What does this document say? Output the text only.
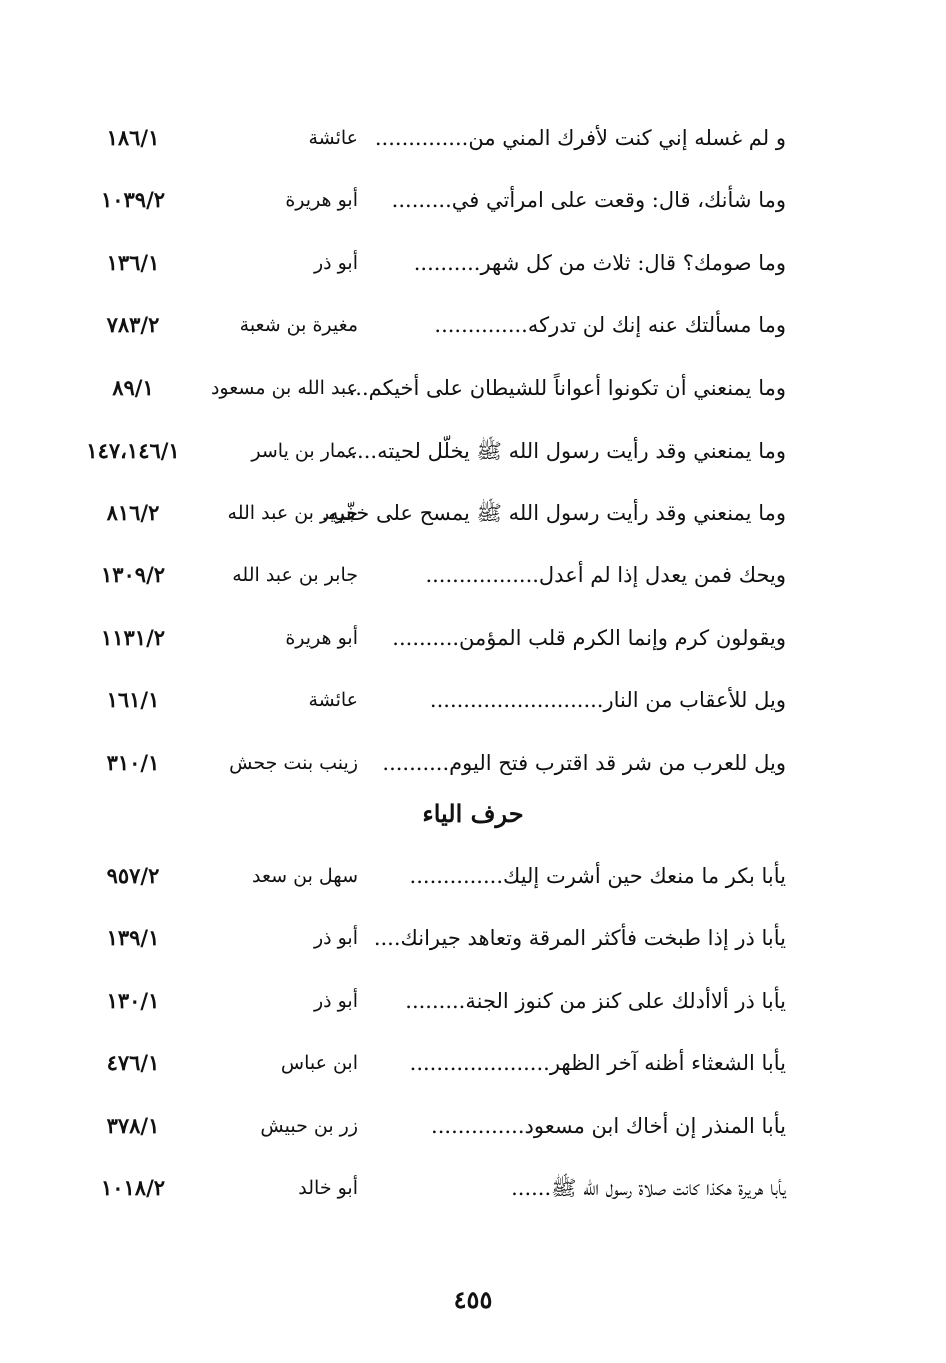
و لم غسله إني كنت لأفرك المني من..............
عائشة
١٨٦/١
وما شأنك، قال: وقعت على امرأتي في.........
أبو هريرة
١٠٣٩/٢
وما صومك؟ قال: ثلاث من كل شهر..........
أبو ذر
١٣٦/١
وما مسألتك عنه إنك لن تدركه..............
مغيرة بن شعبة
٧٨٣/٢
وما يمنعني أن تكونوا أعواناً للشيطان على أخيكم...
عبد الله بن مسعود
٨٩/١
وما يمنعني وقد رأيت رسول الله ﷺ يخلّل لحيته.....
عمار بن ياسر
١٤٧،١٤٦/١
وما يمنعني وقد رأيت رسول الله ﷺ يمسح على خفّيه.
جرير بن عبد الله
٨١٦/٢
ويحك فمن يعدل إذا لم أعدل.................
جابر بن عبد الله
١٣٠٩/٢
ويقولون كرم وإنما الكرم قلب المؤمن..........
أبو هريرة
١١٣١/٢
ويل للأعقاب من النار..........................
عائشة
١٦١/١
ويل للعرب من شر قد اقترب فتح اليوم..........
زينب بنت جحش
٣١٠/١
حرف الياء
يأبا بكر ما منعك حين أشرت إليك..............
سهل بن سعد
٩٥٧/٢
يأبا ذر إذا طبخت فأكثر المرقة وتعاهد جيرانك....
أبو ذر
١٣٩/١
يأبا ذر ألاأدلك على كنز من كنوز الجنة.........
أبو ذر
١٣٠/١
يأبا الشعثاء أظنه آخر الظهر.....................
ابن عباس
٤٧٦/١
يأبا المنذر إن أخاك ابن مسعود..............
زر بن حبيش
٣٧٨/١
يأبا هريرة هكذا كانت صلاة رسول الله ﷺ......
أبو خالد
١٠١٨/٢
٤٥٥
